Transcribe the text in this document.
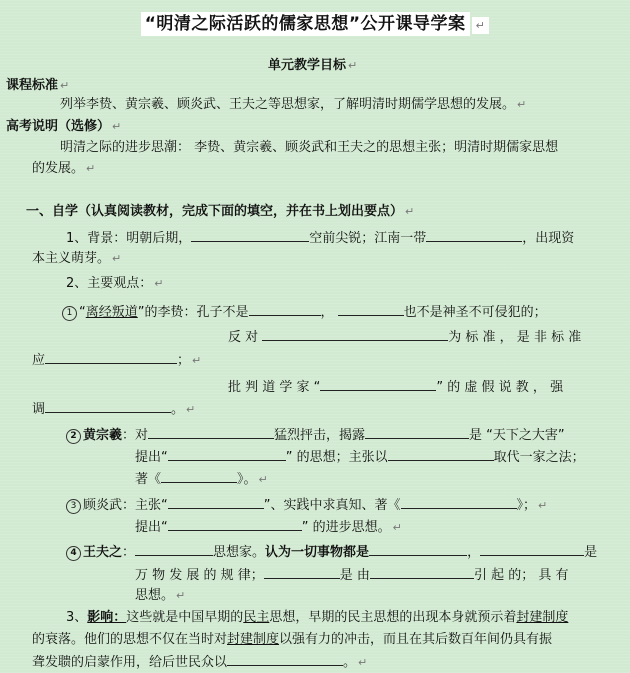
“明清之际活跃的儒家思想”公开课导学案 ↵
单元教学目标 ↵
课程标准 ↵
列举李贽、黄宗羲、顾炎武、王夫之等思想家，了解明清时期儒学思想的发展。 ↵
高考说明（选修） ↵
明清之际的进步思潮： 李贽、黄宗羲、顾炎武和王夫之的思想主张；明清时期儒家思想
的发展。 ↵
一、自学（认真阅读教材，完成下面的填空，并在书上划出要点） ↵
1、背景：明朝后期，	空前尖锐；江南一带	，出现资
本主义萌芽。 ↵
2、主要观点： ↵
1 “离经叛道”的李贽：孔子不是	，	也不是神圣不可侵犯的；
反 对	为 标 准 ， 是 非 标 准
应	； ↵
批 判 道 学 家 “	” 的 虚 假 说 教 ， 强
调	。 ↵
2 黄宗羲：对	猛烈抨击，揭露	是 “天下之大害”
提出“	” 的思想；主张以	取代一家之法；
著《	》。 ↵
3 顾炎武：主张“	”、实践中求真知、著《	》； ↵
提出“	” 的进步思想。 ↵
4 王夫之：	思想家。认为一切事物都是	，	是
万 物 发 展 的 规 律；	是 由	引 起 的； 具 有
思想。 ↵
3、影响：这些就是中国早期的民主思想，早期的民主思想的出现本身就预示着封建制度
的衰落。他们的思想不仅在当时对封建制度以强有力的冲击，而且在其后数百年间仍具有振
聋发聩的启蒙作用，给后世民众以	。 ↵
